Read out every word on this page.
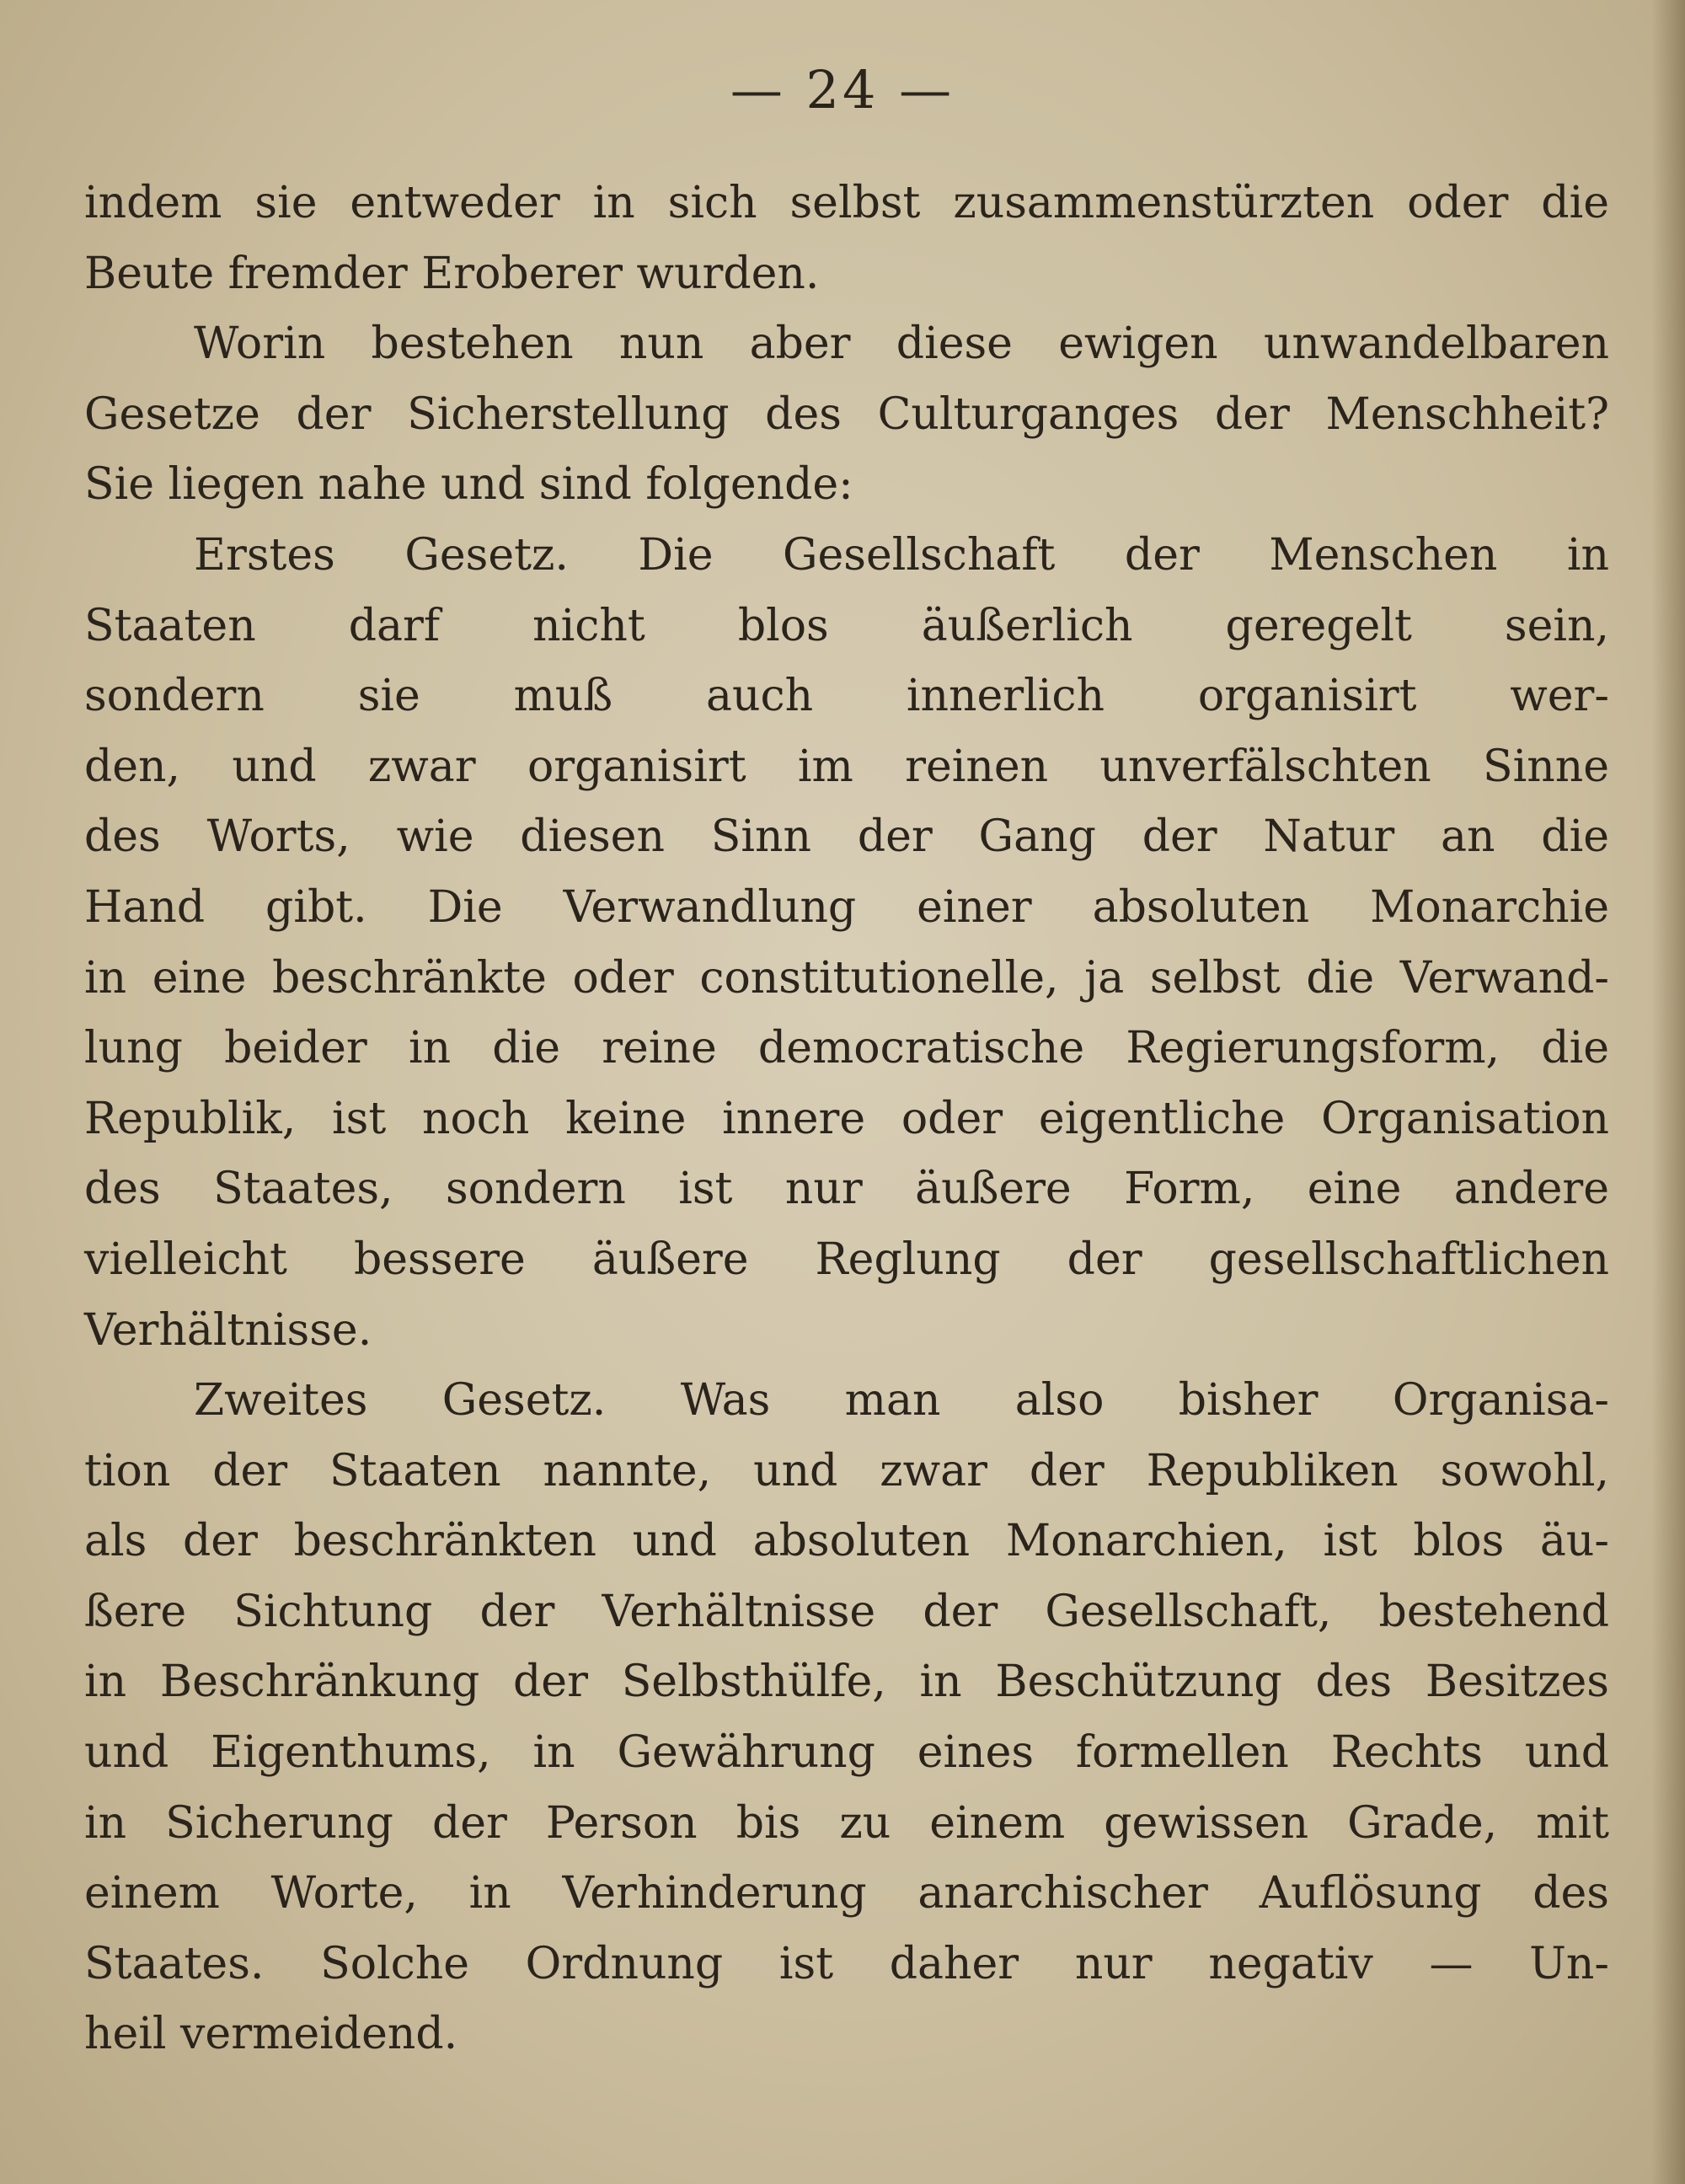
— 24 —
indem sie entweder in sich selbst zusammenstürzten oder die
Beute fremder Eroberer wurden.
Worin bestehen nun aber diese ewigen unwandelbaren
Gesetze der Sicherstellung des Culturganges der Menschheit?
Sie liegen nahe und sind folgende:
Erstes Gesetz. Die Gesellschaft der Menschen in
Staaten darf nicht blos äußerlich geregelt sein,
sondern sie muß auch innerlich organisirt wer-
den, und zwar organisirt im reinen unverfälschten Sinne
des Worts, wie diesen Sinn der Gang der Natur an die
Hand gibt. Die Verwandlung einer absoluten Monarchie
in eine beschränkte oder constitutionelle, ja selbst die Verwand-
lung beider in die reine democratische Regierungsform, die
Republik, ist noch keine innere oder eigentliche Organisation
des Staates, sondern ist nur äußere Form, eine andere
vielleicht bessere äußere Reglung der gesellschaftlichen
Verhältnisse.
Zweites Gesetz. Was man also bisher Organisa-
tion der Staaten nannte, und zwar der Republiken sowohl,
als der beschränkten und absoluten Monarchien, ist blos äu-
ßere Sichtung der Verhältnisse der Gesellschaft, bestehend
in Beschränkung der Selbsthülfe, in Beschützung des Besitzes
und Eigenthums, in Gewährung eines formellen Rechts und
in Sicherung der Person bis zu einem gewissen Grade, mit
einem Worte, in Verhinderung anarchischer Auflösung des
Staates. Solche Ordnung ist daher nur negativ — Un-
heil vermeidend.
